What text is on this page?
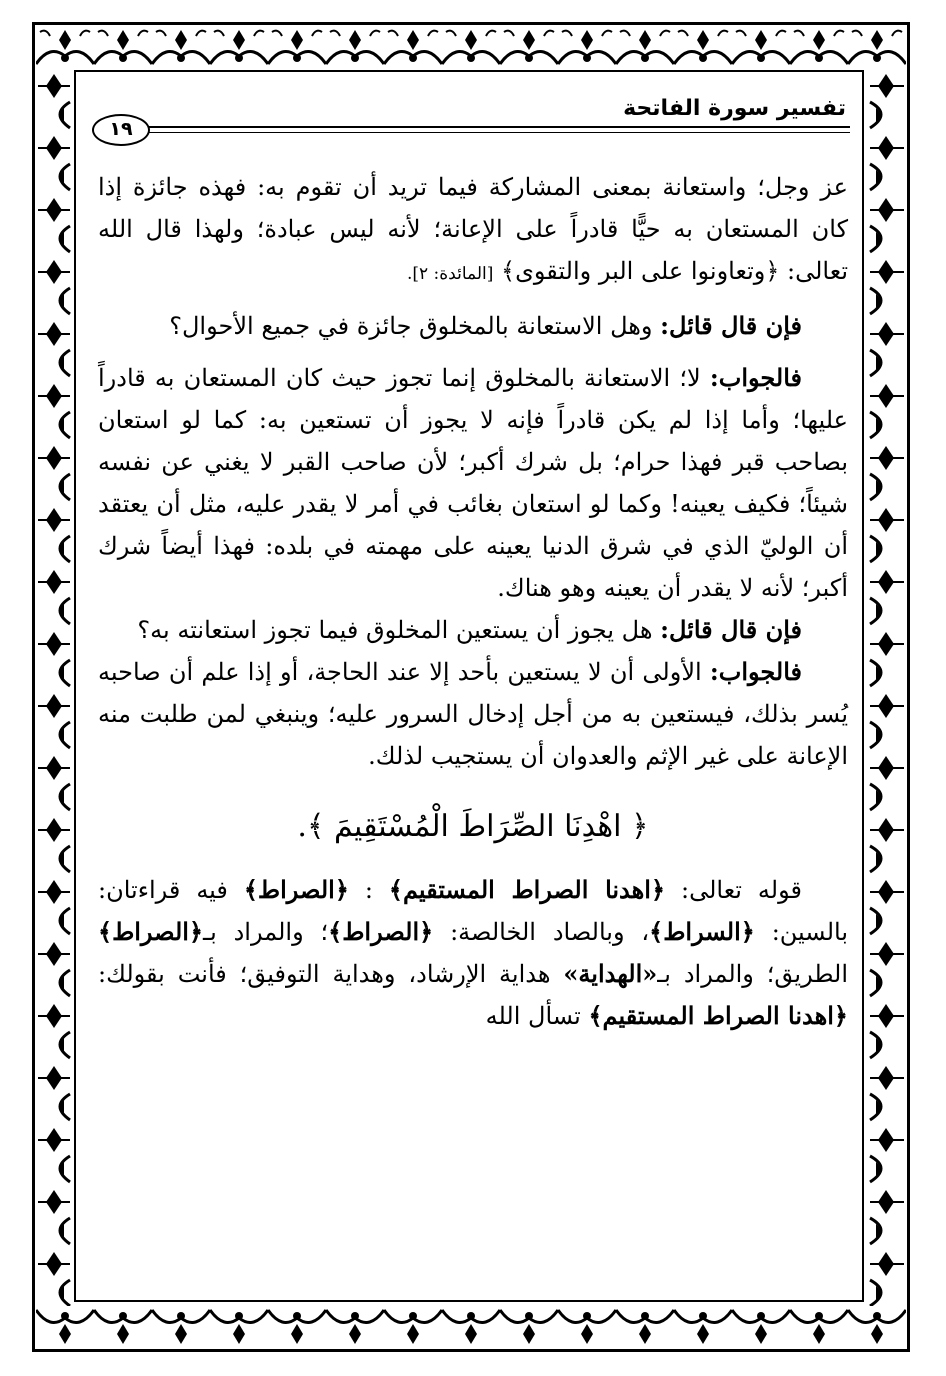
تفسير سورة الفاتحة
١٩

عز وجل؛ واستعانة بمعنى المشاركة فيما تريد أن تقوم به: فهذه جائزة إذا كان المستعان به حيًّا قادراً على الإعانة؛ لأنه ليس عبادة؛ ولهذا قال الله تعالى: ﴿وتعاونوا على البر والتقوى﴾ [المائدة: ٢].

فإن قال قائل: وهل الاستعانة بالمخلوق جائزة في جميع الأحوال؟

فالجواب: لا؛ الاستعانة بالمخلوق إنما تجوز حيث كان المستعان به قادراً عليها؛ وأما إذا لم يكن قادراً فإنه لا يجوز أن تستعين به: كما لو استعان بصاحب قبر فهذا حرام؛ بل شرك أكبر؛ لأن صاحب القبر لا يغني عن نفسه شيئاً؛ فكيف يعينه! وكما لو استعان بغائب في أمر لا يقدر عليه، مثل أن يعتقد أن الوليّ الذي في شرق الدنيا يعينه على مهمته في بلده: فهذا أيضاً شرك أكبر؛ لأنه لا يقدر أن يعينه وهو هناك.

فإن قال قائل: هل يجوز أن يستعين المخلوق فيما تجوز استعانته به؟

فالجواب: الأولى أن لا يستعين بأحد إلا عند الحاجة، أو إذا علم أن صاحبه يُسر بذلك، فيستعين به من أجل إدخال السرور عليه؛ وينبغي لمن طلبت منه الإعانة على غير الإثم والعدوان أن يستجيب لذلك.

﴿ اهْدِنَا الصِّرَاطَ الْمُسْتَقِيمَ ﴾.

قوله تعالى: ﴿اهدنا الصراط المستقيم﴾ : ﴿الصراط﴾ فيه قراءتان: بالسين: ﴿السراط﴾، وبالصاد الخالصة: ﴿الصراط﴾؛ والمراد بـ﴿الصراط﴾ الطريق؛ والمراد بـ«الهداية» هداية الإرشاد، وهداية التوفيق؛ فأنت بقولك: ﴿اهدنا الصراط المستقيم﴾ تسأل الله
